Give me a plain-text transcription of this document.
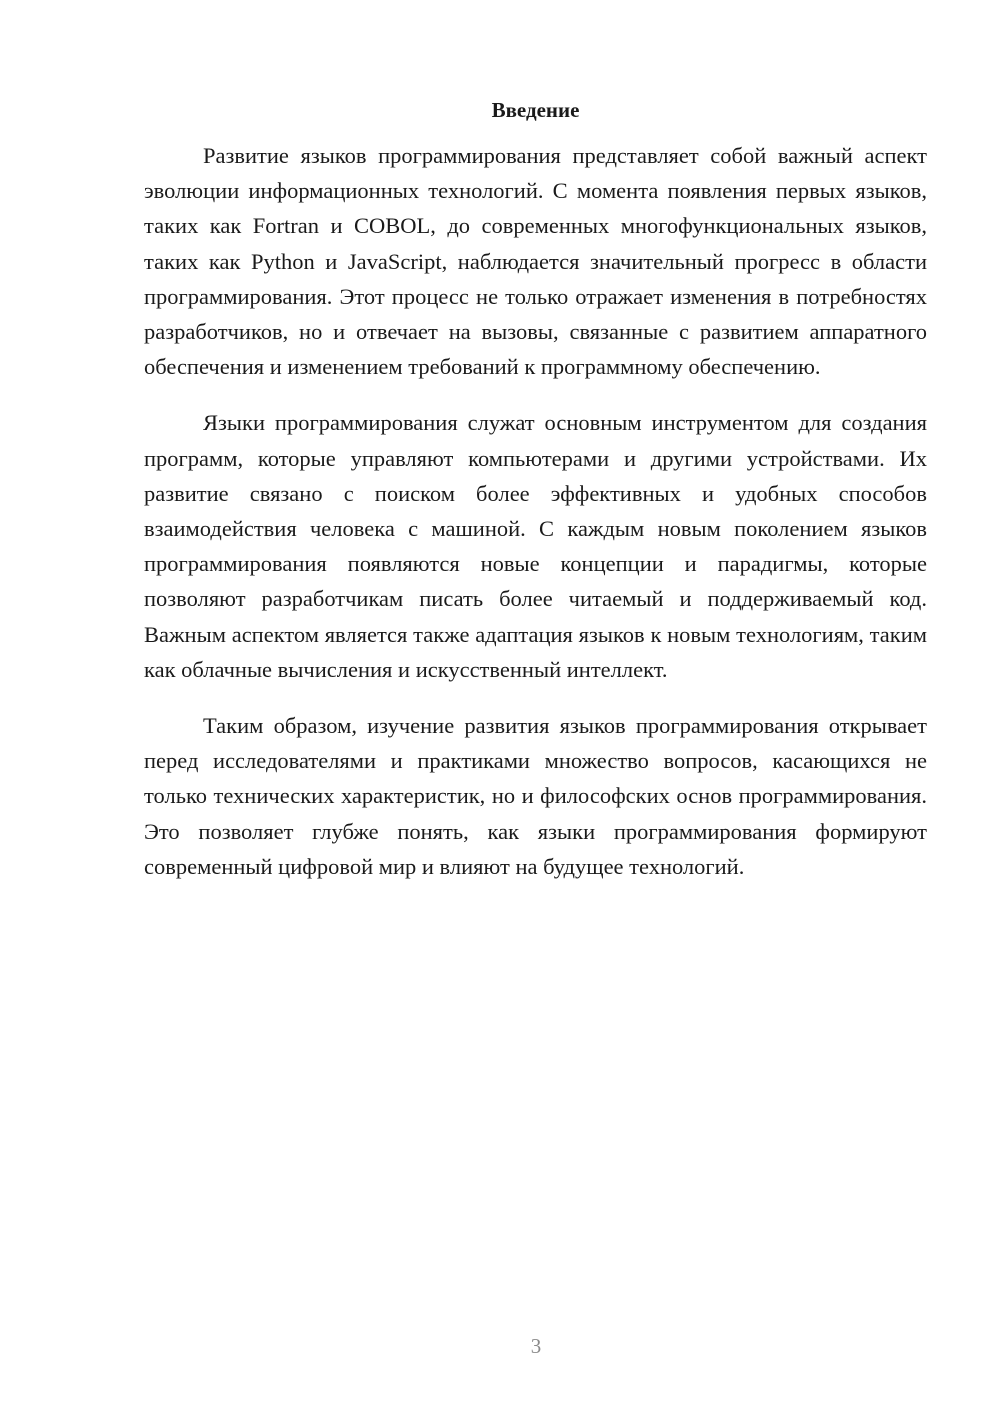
Введение

Развитие языков программирования представляет собой важный аспект эволюции информационных технологий. С момента появления первых языков, таких как Fortran и COBOL, до современных многофункциональных языков, таких как Python и JavaScript, наблюдается значительный прогресс в области программирования. Этот процесс не только отражает изменения в потребностях разработчиков, но и отвечает на вызовы, связанные с развитием аппаратного обеспечения и изменением требований к программному обеспечению.

Языки программирования служат основным инструментом для создания программ, которые управляют компьютерами и другими устройствами. Их развитие связано с поиском более эффективных и удобных способов взаимодействия человека с машиной. С каждым новым поколением языков программирования появляются новые концепции и парадигмы, которые позволяют разработчикам писать более читаемый и поддерживаемый код. Важным аспектом является также адаптация языков к новым технологиям, таким как облачные вычисления и искусственный интеллект.

Таким образом, изучение развития языков программирования открывает перед исследователями и практиками множество вопросов, касающихся не только технических характеристик, но и философских основ программирования. Это позволяет глубже понять, как языки программирования формируют современный цифровой мир и влияют на будущее технологий.

3
